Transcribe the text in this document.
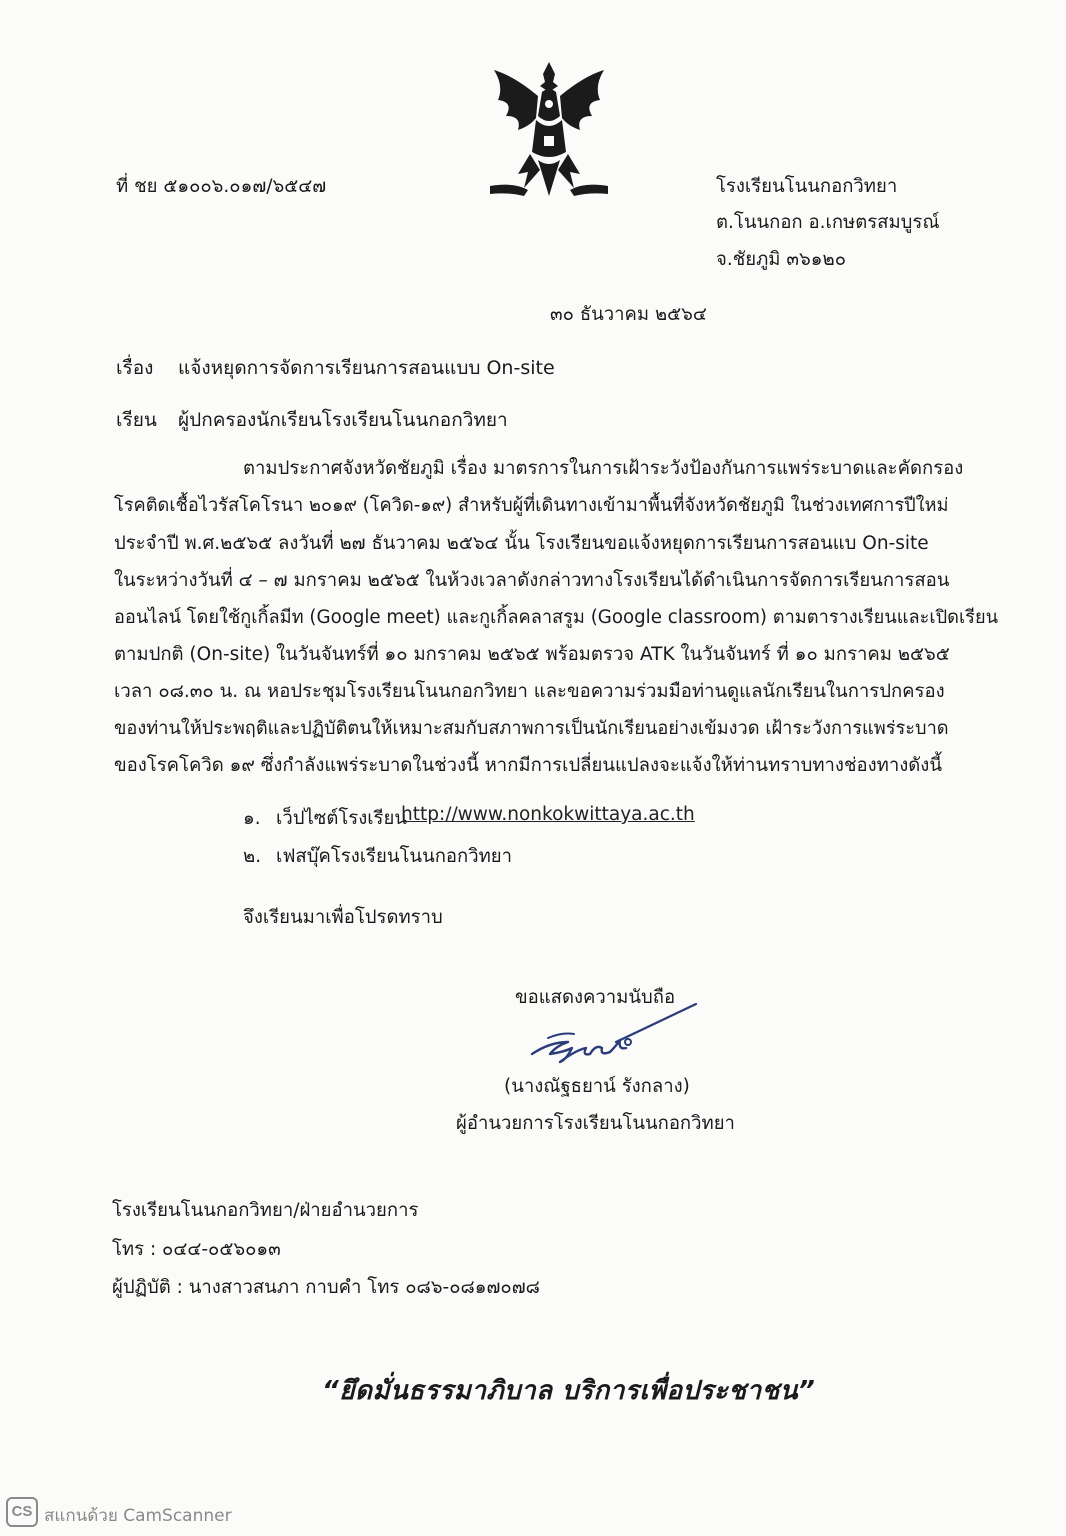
ที่ ชย ๕๑๐๐๖.๐๑๗/๖๕๔๗	โรงเรียนโนนกอกวิทยา
ต.โนนกอก อ.เกษตรสมบูรณ์
จ.ชัยภูมิ ๓๖๑๒๐
๓๐ ธันวาคม ๒๕๖๔
เรื่อง แจ้งหยุดการจัดการเรียนการสอนแบบ On-site
เรียน ผู้ปกครองนักเรียนโรงเรียนโนนกอกวิทยา
ตามประกาศจังหวัดชัยภูมิ เรื่อง มาตรการในการเฝ้าระวังป้องกันการแพร่ระบาดและคัดกรอง
โรคติดเชื้อไวรัสโคโรนา ๒๐๑๙ (โควิด-๑๙) สำหรับผู้ที่เดินทางเข้ามาพื้นที่จังหวัดชัยภูมิ ในช่วงเทศการปีใหม่
ประจำปี พ.ศ.๒๕๖๕ ลงวันที่ ๒๗ ธันวาคม ๒๕๖๔ นั้น โรงเรียนขอแจ้งหยุดการเรียนการสอนแบ On-site
ในระหว่างวันที่ ๔ – ๗ มกราคม ๒๕๖๕ ในห้วงเวลาดังกล่าวทางโรงเรียนได้ดำเนินการจัดการเรียนการสอน
ออนไลน์ โดยใช้กูเกิ้ลมีท (Google meet) และกูเกิ้ลคลาสรูม (Google classroom) ตามตารางเรียนและเปิดเรียน
ตามปกติ (On-site) ในวันจันทร์ที่ ๑๐ มกราคม ๒๕๖๕ พร้อมตรวจ ATK ในวันจันทร์ ที่ ๑๐ มกราคม ๒๕๖๕
เวลา ๐๘.๓๐ น. ณ หอประชุมโรงเรียนโนนกอกวิทยา และขอความร่วมมือท่านดูแลนักเรียนในการปกครอง
ของท่านให้ประพฤติและปฏิบัติตนให้เหมาะสมกับสภาพการเป็นนักเรียนอย่างเข้มงวด เฝ้าระวังการแพร่ระบาด
ของโรคโควิด ๑๙ ซึ่งกำลังแพร่ระบาดในช่วงนี้ หากมีการเปลี่ยนแปลงจะแจ้งให้ท่านทราบทางช่องทางดังนี้
๑. เว็ปไซต์โรงเรียน
http://www.nonkokwittaya.ac.th
๒. เฟสบุ๊คโรงเรียนโนนกอกวิทยา
จึงเรียนมาเพื่อโปรดทราบ
ขอแสดงความนับถือ
(นางณัฐธยาน์ รังกลาง)
ผู้อำนวยการโรงเรียนโนนกอกวิทยา
โรงเรียนโนนกอกวิทยา/ฝ่ายอำนวยการ
โทร : ๐๔๔-๐๕๖๐๑๓
ผู้ปฏิบัติ : นางสาวสนภา กาบคำ โทร ๐๘๖-๐๘๑๗๐๗๘
“ยึดมั่นธรรมาภิบาล บริการเพื่อประชาชน”
CS สแกนด้วย CamScanner
